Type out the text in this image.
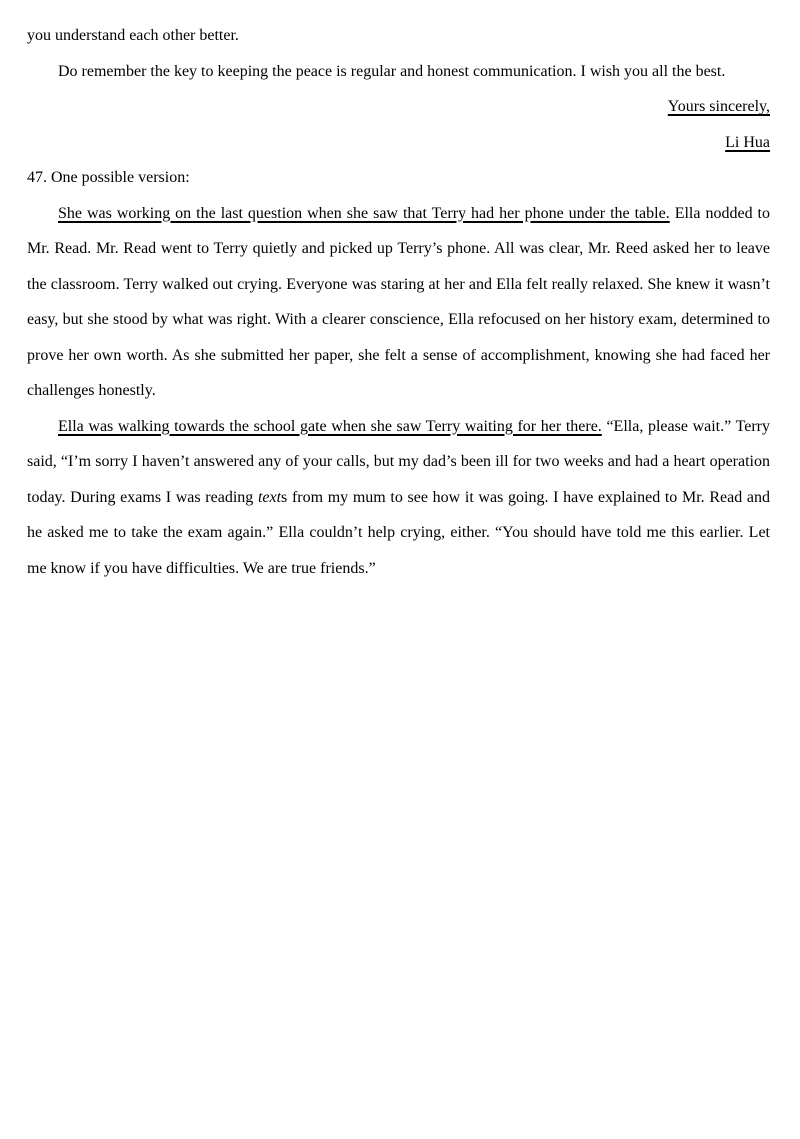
you understand each other better.

Do remember the key to keeping the peace is regular and honest communication. I wish you all the best.

Yours sincerely,

Li Hua

47. One possible version:

She was working on the last question when she saw that Terry had her phone under the table. Ella nodded to Mr. Read. Mr. Read went to Terry quietly and picked up Terry’s phone. All was clear, Mr. Reed asked her to leave the classroom. Terry walked out crying. Everyone was staring at her and Ella felt really relaxed. She knew it wasn’t easy, but she stood by what was right. With a clearer conscience, Ella refocused on her history exam, determined to prove her own worth. As she submitted her paper, she felt a sense of accomplishment, knowing she had faced her challenges honestly.

Ella was walking towards the school gate when she saw Terry waiting for her there. “Ella, please wait.” Terry said, “I’m sorry I haven’t answered any of your calls, but my dad’s been ill for two weeks and had a heart operation today. During exams I was reading texts from my mum to see how it was going. I have explained to Mr. Read and he asked me to take the exam again.” Ella couldn’t help crying, either. “You should have told me this earlier. Let me know if you have difficulties. We are true friends.”
